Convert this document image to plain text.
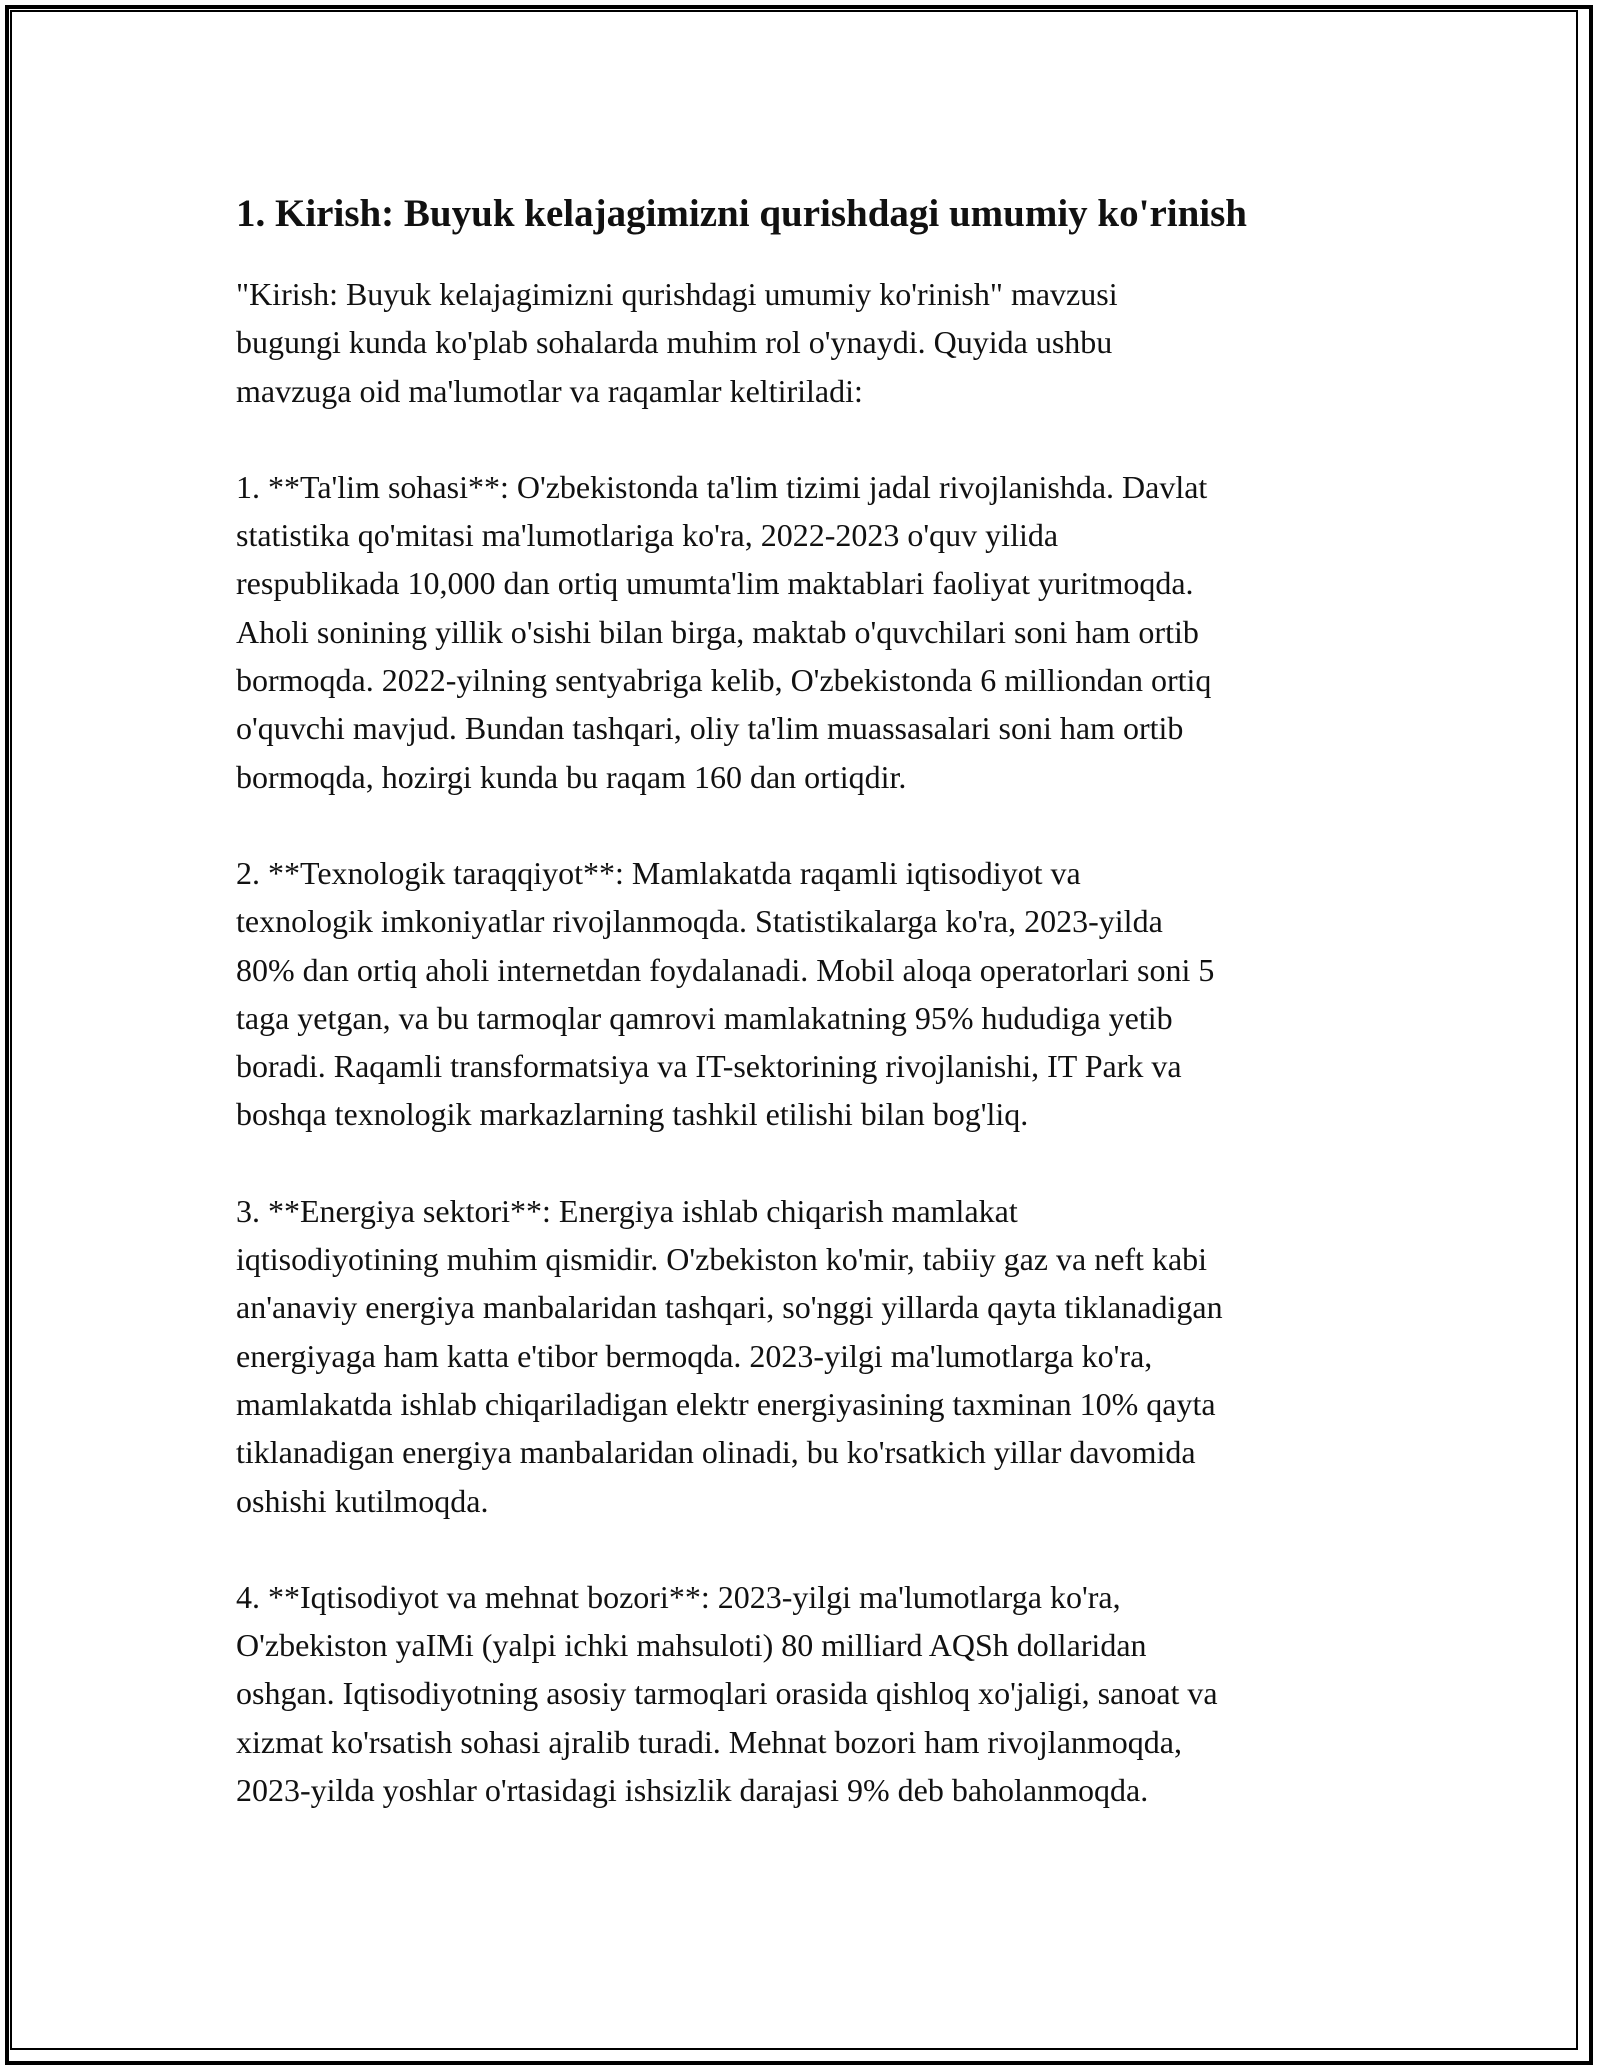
1. Kirish: Buyuk kelajagimizni qurishdagi umumiy ko'rinish

"Kirish: Buyuk kelajagimizni qurishdagi umumiy ko'rinish" mavzusi
bugungi kunda ko'plab sohalarda muhim rol o'ynaydi. Quyida ushbu
mavzuga oid ma'lumotlar va raqamlar keltiriladi:

1. **Ta'lim sohasi**: O'zbekistonda ta'lim tizimi jadal rivojlanishda. Davlat
statistika qo'mitasi ma'lumotlariga ko'ra, 2022-2023 o'quv yilida
respublikada 10,000 dan ortiq umumta'lim maktablari faoliyat yuritmoqda.
Aholi sonining yillik o'sishi bilan birga, maktab o'quvchilari soni ham ortib
bormoqda. 2022-yilning sentyabriga kelib, O'zbekistonda 6 milliondan ortiq
o'quvchi mavjud. Bundan tashqari, oliy ta'lim muassasalari soni ham ortib
bormoqda, hozirgi kunda bu raqam 160 dan ortiqdir.

2. **Texnologik taraqqiyot**: Mamlakatda raqamli iqtisodiyot va
texnologik imkoniyatlar rivojlanmoqda. Statistikalarga ko'ra, 2023-yilda
80% dan ortiq aholi internetdan foydalanadi. Mobil aloqa operatorlari soni 5
taga yetgan, va bu tarmoqlar qamrovi mamlakatning 95% hududiga yetib
boradi. Raqamli transformatsiya va IT-sektorining rivojlanishi, IT Park va
boshqa texnologik markazlarning tashkil etilishi bilan bog'liq.

3. **Energiya sektori**: Energiya ishlab chiqarish mamlakat
iqtisodiyotining muhim qismidir. O'zbekiston ko'mir, tabiiy gaz va neft kabi
an'anaviy energiya manbalaridan tashqari, so'nggi yillarda qayta tiklanadigan
energiyaga ham katta e'tibor bermoqda. 2023-yilgi ma'lumotlarga ko'ra,
mamlakatda ishlab chiqariladigan elektr energiyasining taxminan 10% qayta
tiklanadigan energiya manbalaridan olinadi, bu ko'rsatkich yillar davomida
oshishi kutilmoqda.

4. **Iqtisodiyot va mehnat bozori**: 2023-yilgi ma'lumotlarga ko'ra,
O'zbekiston yaIMi (yalpi ichki mahsuloti) 80 milliard AQSh dollaridan
oshgan. Iqtisodiyotning asosiy tarmoqlari orasida qishloq xo'jaligi, sanoat va
xizmat ko'rsatish sohasi ajralib turadi. Mehnat bozori ham rivojlanmoqda,
2023-yilda yoshlar o'rtasidagi ishsizlik darajasi 9% deb baholanmoqda.
